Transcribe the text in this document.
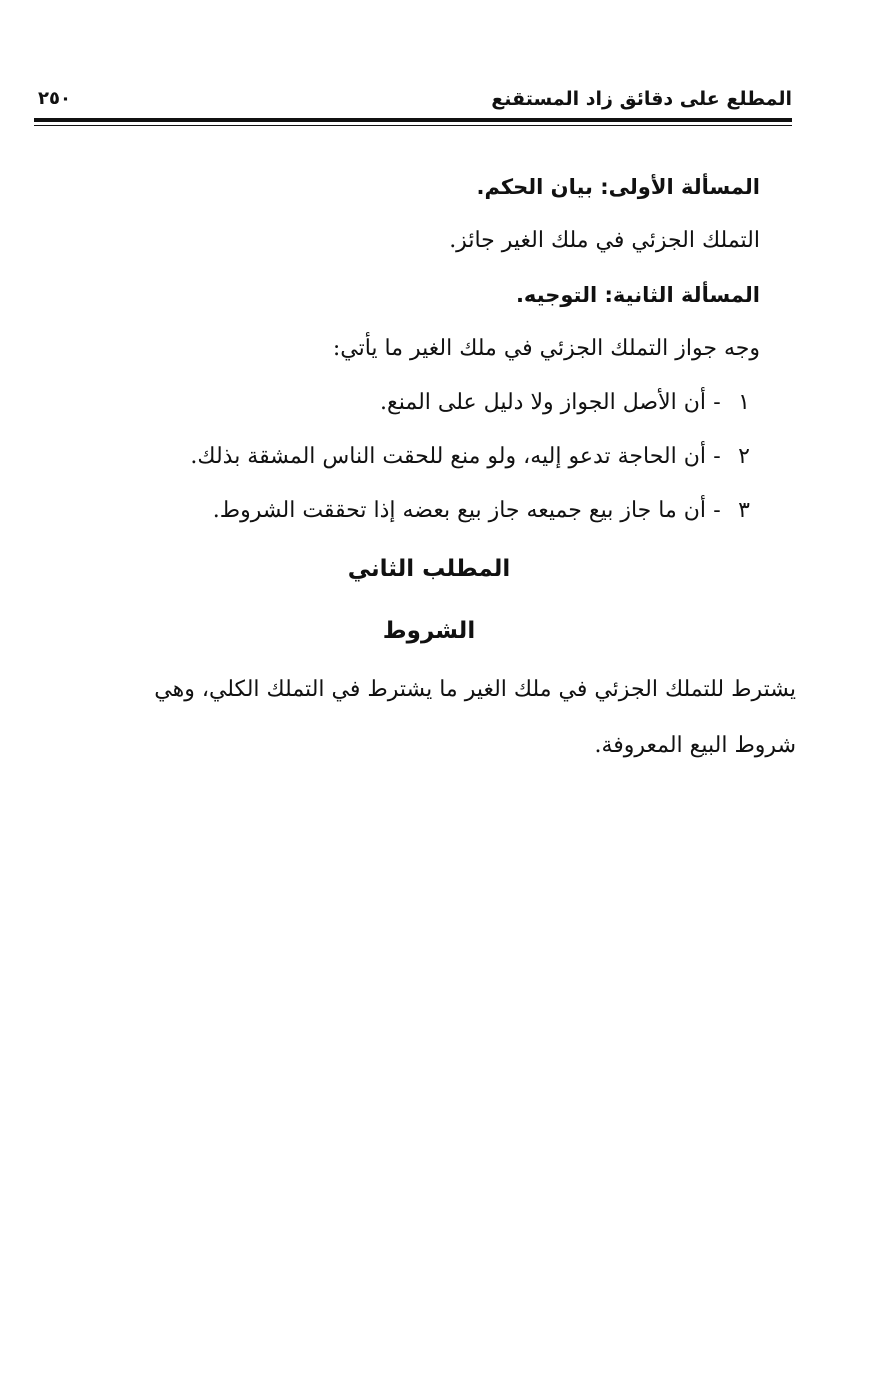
المطلع على دقائق زاد المستقنع
٢٥٠
المسألة الأولى: بيان الحكم.
التملك الجزئي في ملك الغير جائز.
المسألة الثانية: التوجيه.
وجه جواز التملك الجزئي في ملك الغير ما يأتي:
١
-
أن الأصل الجواز ولا دليل على المنع.
٢
-
أن الحاجة تدعو إليه، ولو منع للحقت الناس المشقة بذلك.
٣
-
أن ما جاز بيع جميعه جاز بيع بعضه إذا تحققت الشروط.
المطلب الثاني
الشروط
يشترط للتملك الجزئي في ملك الغير ما يشترط في التملك الكلي، وهي
شروط البيع المعروفة.
